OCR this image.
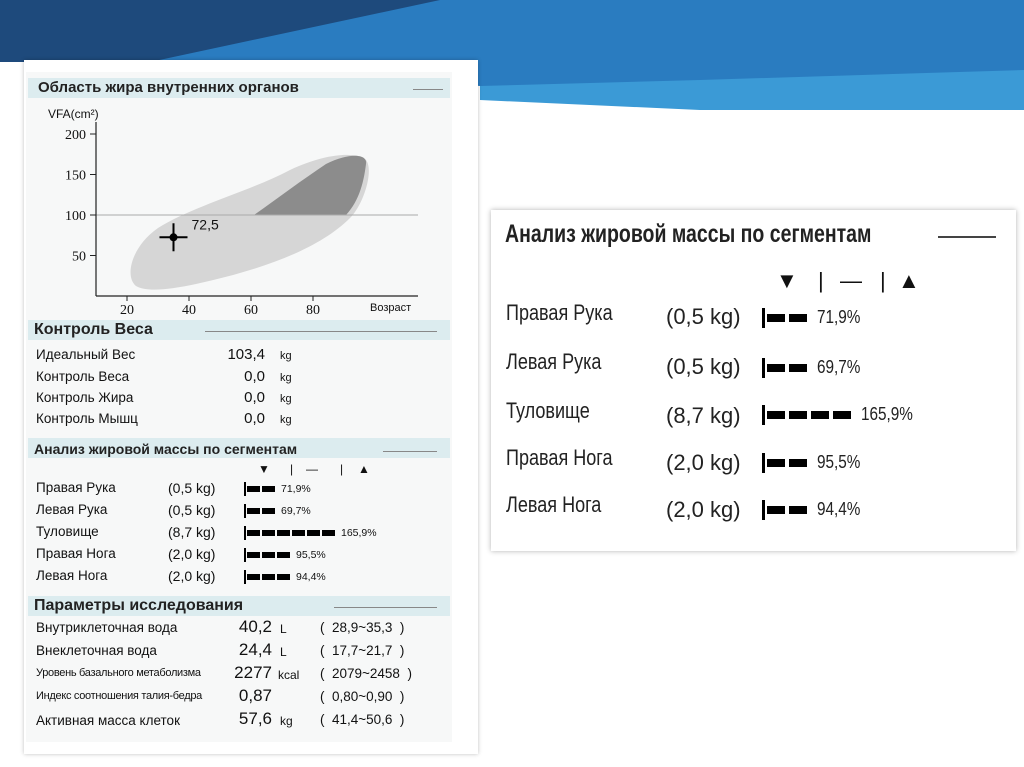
Область жира внутренних органов
VFA(cm²)
50
100
150
200
20	40	60	80	Возраст
72,5
Контроль Веса
Идеальный Вес	103,4 kg
Контроль Веса	0,0 kg
Контроль Жира	0,0 kg
Контроль Мышц	0,0 kg
Анализ жировой массы по сегментам
▼ | — | ▲
Правая Рука	(0,5 kg)	71,9%
Левая Рука	(0,5 kg)	69,7%
Туловище	(8,7 kg)	165,9%
Правая Нога	(2,0 kg)	95,5%
Левая Нога	(2,0 kg)	94,4%
Параметры исследования
Внутриклеточная вода	40,2 L (  28,9~35,3  )
Внеклеточная вода	24,4 L (  17,7~21,7  )
Уровень базального метаболизма	2277 kcal (  2079~2458  )
Индекс соотношения талия-бедра	0,87	(  0,80~0,90  )
Активная масса клеток	57,6 kg (  41,4~50,6  )
Анализ жировой массы по сегментам
▼ | — | ▲
Правая Рука (0,5 kg)	71,9%
Левая Рука	(0,5 kg)	69,7%
Туловище	(8,7 kg)	165,9%
Правая Нога (2,0 kg)	95,5%
Левая Нога	(2,0 kg)	94,4%
